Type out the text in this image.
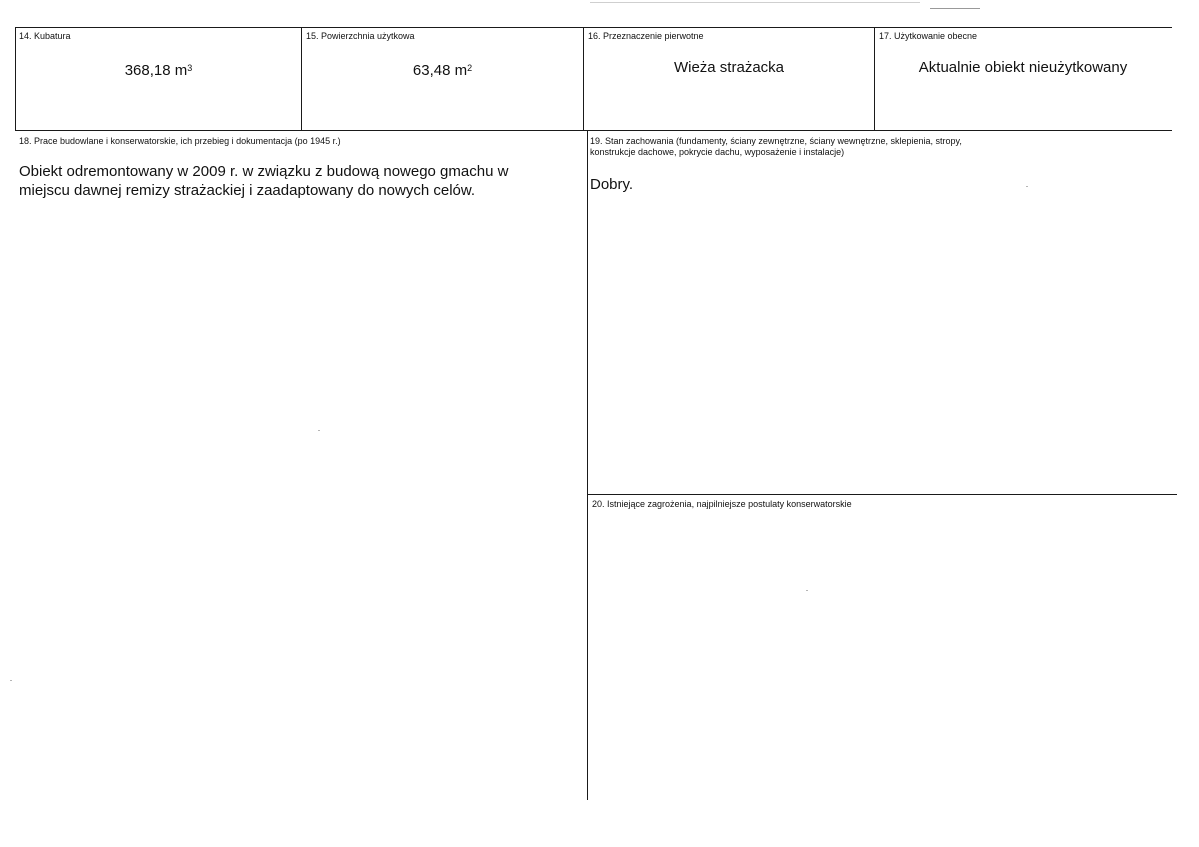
14. Kubatura
368,18 $m^3$
15. Powierzchnia użytkowa
63,48 $m^2$
16. Przeznaczenie pierwotne
Wieża strażacka
17. Użytkowanie obecne
Aktualnie obiekt nieużytkowany
18. Prace budowlane i konserwatorskie, ich przebieg i dokumentacja (po 1945 r.)
Obiekt odremontowany w 2009 r. w związku z budową nowego gmachu w
miejscu dawnej remizy strażackiej i zaadaptowany do nowych celów.
19. Stan zachowania (fundamenty, ściany zewnętrzne, ściany wewnętrzne, sklepienia, stropy,
konstrukcje dachowe, pokrycie dachu, wyposażenie i instalacje)
Dobry.
20. Istniejące zagrożenia, najpilniejsze postulaty konserwatorskie
